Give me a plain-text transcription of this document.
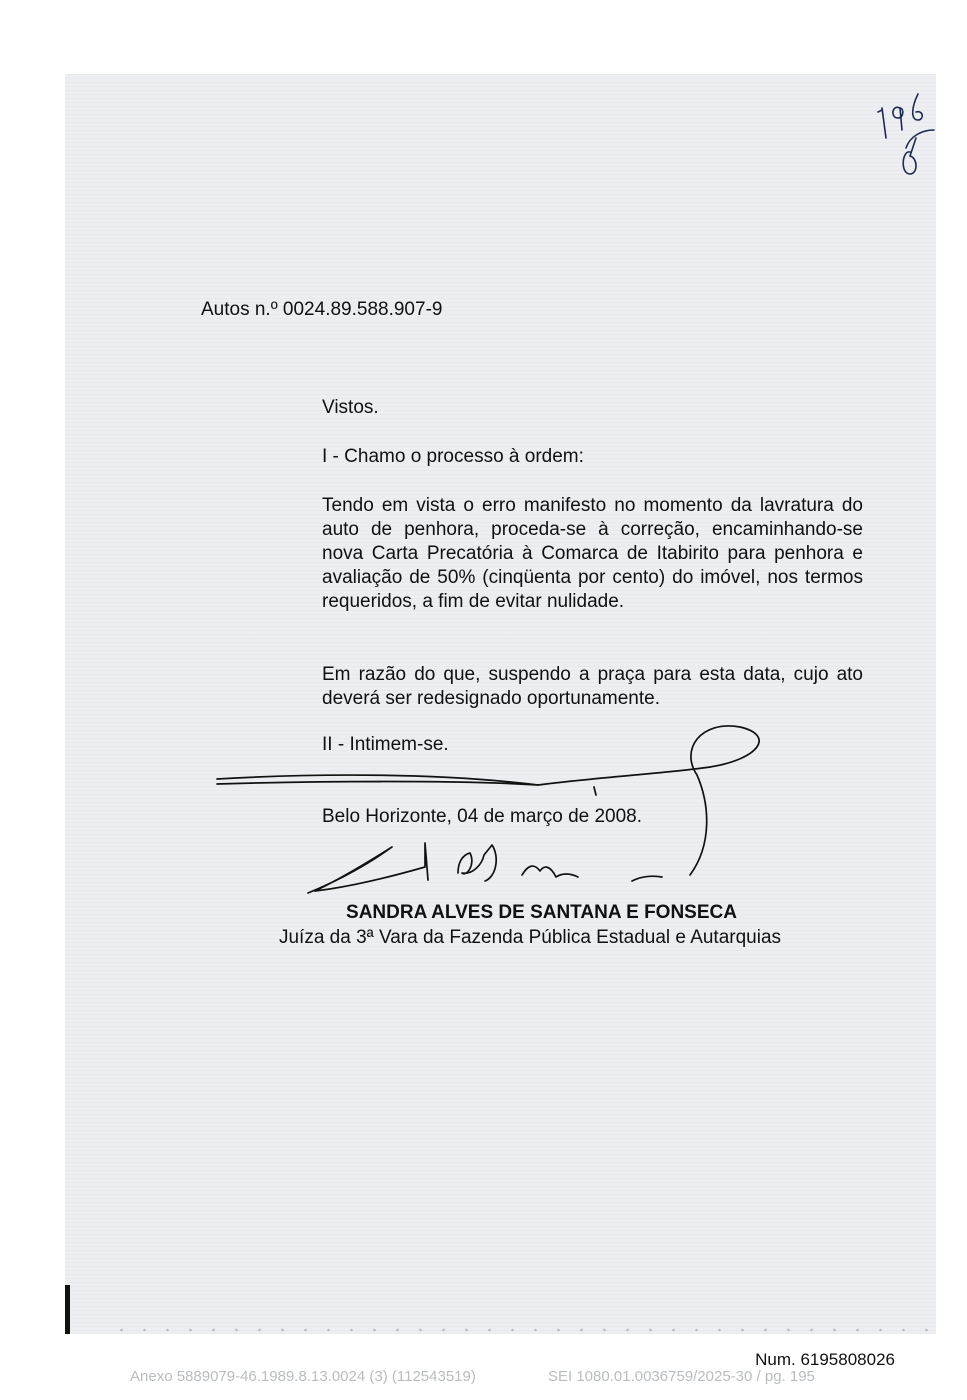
Autos n.º 0024.89.588.907-9

Vistos.

I - Chamo o processo à ordem:

Tendo em vista o erro manifesto no momento da lavratura do auto de penhora, proceda-se à correção, encaminhando-se nova Carta Precatória à Comarca de Itabirito para penhora e avaliação de 50% (cinqüenta por cento) do imóvel, nos termos requeridos, a fim de evitar nulidade.

Em razão do que, suspendo a praça para esta data, cujo ato deverá ser redesignado oportunamente.

II - Intimem-se.

Belo Horizonte, 04 de março de 2008.

SANDRA ALVES DE SANTANA E FONSECA

Juíza da 3ª Vara da Fazenda Pública Estadual e Autarquias

Num. 6195808026

Anexo 5889079-46.1989.8.13.0024 (3) (112543519)	SEI 1080.01.0036759/2025-30 / pg. 195
